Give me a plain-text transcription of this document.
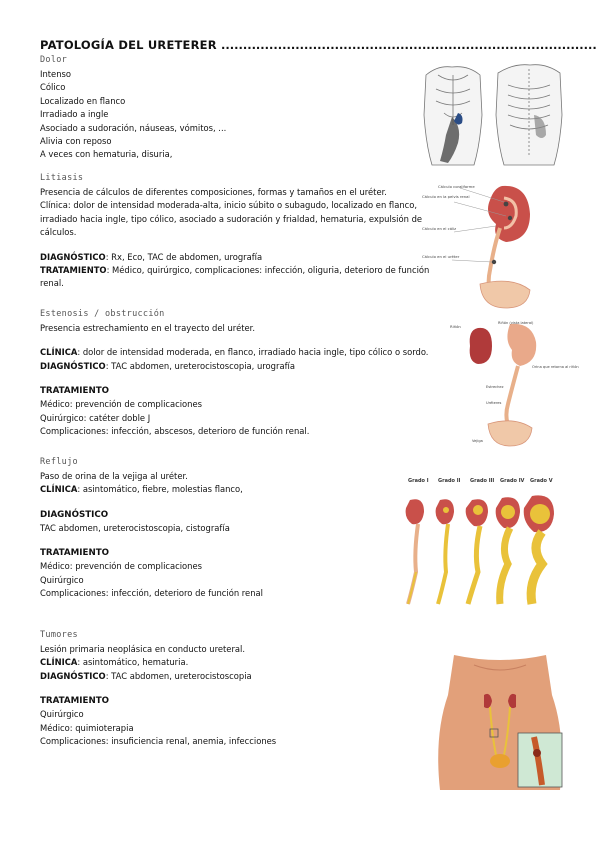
PATOLOGÍA DEL URETERER ......................................................................................
Dolor

Intenso

Cólico

Localizado en flanco

Irradiado a ingle

Asociado a sudoración, náuseas, vómitos, ...

Alivia con reposo

A veces con hematuria, disuria,

Litiasis

Presencia de cálculos de diferentes composiciones, formas y tamaños en el uréter.

Clínica: dolor de intensidad moderada-alta, inicio súbito o subagudo, localizado en flanco,

irradiado hacia ingle, tipo cólico, asociado a sudoración y frialdad, hematuria, expulsión de

cálculos.

DIAGNÓSTICO: Rx, Eco, TAC de abdomen, urografía

TRATAMIENTO: Médico, quirúrgico, complicaciones: infección, oliguria, deterioro de función

renal.

Estenosis / obstrucción

Presencia estrechamiento en el trayecto del uréter.

CLÍNICA: dolor de intensidad moderada, en flanco, irradiado hacia ingle, tipo cólico o sordo.

DIAGNÓSTICO: TAC abdomen, ureterocistoscopia, urografía

TRATAMIENTO

Médico: prevención de complicaciones

Quirúrgico: catéter doble J

Complicaciones: infección, abscesos, deterioro de función renal.

Reflujo

Paso de orina de la vejiga al uréter.

CLÍNICA: asintomático, fiebre, molestias flanco,

DIAGNÓSTICO

TAC abdomen, ureterocistoscopia, cistografía

TRATAMIENTO

Médico: prevención de complicaciones

Quirúrgico

Complicaciones: infección, deterioro de función renal

Tumores

Lesión primaria neoplásica en conducto ureteral.

CLÍNICA: asintomático, hematuria.

DIAGNÓSTICO: TAC abdomen, ureterocistoscopia

TRATAMIENTO

Quirúrgico

Médico: quimioterapia

Complicaciones: insuficiencia renal, anemia, infecciones

Cálculo coraliforme
Cálculo en la pelvis renal
Cálculo en el cáliz
Cálculo en el uréter
Riñón
Riñón (vista lateral)
Orina que retorna al riñón
Estrechez
Uréteres
Vejiga
Grado I Grado II Grado III Grado IV Grado V
